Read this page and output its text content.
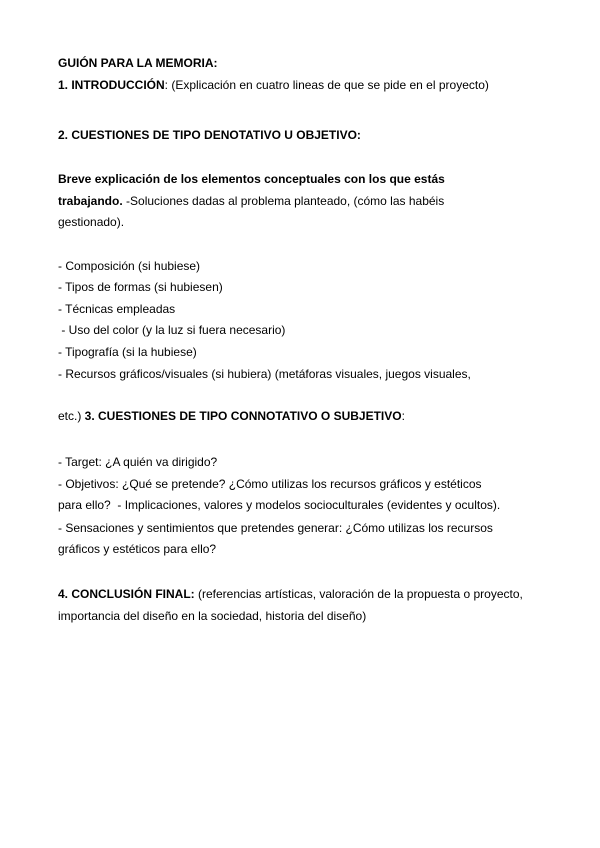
GUIÓN PARA LA MEMORIA:
1. INTRODUCCIÓN: (Explicación en cuatro lineas de que se pide en el proyecto)
2. CUESTIONES DE TIPO DENOTATIVO U OBJETIVO:
Breve explicación de los elementos conceptuales con los que estás
trabajando. -Soluciones dadas al problema planteado, (cómo las habéis
gestionado).
- Composición (si hubiese)
- Tipos de formas (si hubiesen)
- Técnicas empleadas
- Uso del color (y la luz si fuera necesario)
- Tipografía (si la hubiese)
- Recursos gráficos/visuales (si hubiera) (metáforas visuales, juegos visuales,
etc.) 3. CUESTIONES DE TIPO CONNOTATIVO O SUBJETIVO:
- Target: ¿A quién va dirigido?
- Objetivos: ¿Qué se pretende? ¿Cómo utilizas los recursos gráficos y estéticos
para ello?  - Implicaciones, valores y modelos socioculturales (evidentes y ocultos).
- Sensaciones y sentimientos que pretendes generar: ¿Cómo utilizas los recursos
gráficos y estéticos para ello?
4. CONCLUSIÓN FINAL: (referencias artísticas, valoración de la propuesta o proyecto,
importancia del diseño en la sociedad, historia del diseño)
